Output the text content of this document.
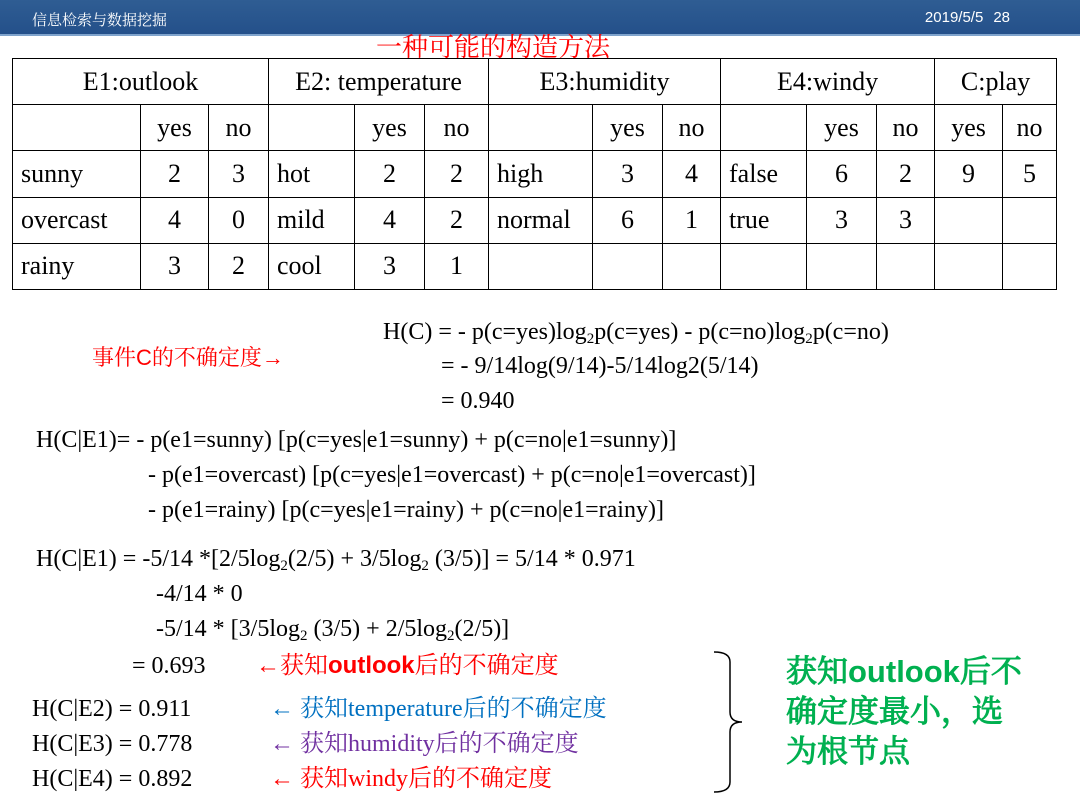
信息检索与数据挖掘	2019/5/5 28
一种可能的构造方法
E1:outlook			E2: temperature			E3:humidity			E4:windy			C:play	
	yes	no		yes	no		yes	no		yes	no	yes	no
sunny	2	3	hot	2	2	high	3	4	false	6	2	9	5
overcast	4	0	mild	4	2	normal	6	1	true	3	3		
rainy	3	2	cool	3	1								
事件C的不确定度→
H(C) = - $p(c=yes)\log_2p(c=yes) - p(c=no)\log_2p(c=no)$
= - 9/14log(9/14)-5/14log2(5/14)
= 0.940
H(C|E1)= - p(e1=sunny) [p(c=yes|e1=sunny) + p(c=no|e1=sunny)]
- p(e1=overcast) [p(c=yes|e1=overcast) + p(c=no|e1=overcast)]
- p(e1=rainy) [p(c=yes|e1=rainy) + p(c=no|e1=rainy)]
H(C|E1) = -5/14 $*[2/5\log_2(2/5) + 3/5\log_2$ (3/5)] = 5/14 * 0.971
-4/14 * 0
$-5/14 * [3/5\log_2$ $(3/5) + 2/5\log_2(2/5)$]
= 0.693 ←获知outlook后的不确定度
H(C|E2) = 0.911	← 获知temperature后的不确定度
H(C|E3) = 0.778	← 获知humidity后的不确定度
H(C|E4) = 0.892	← 获知windy后的不确定度
获知outlook后不
确定度最小，选
为根节点
